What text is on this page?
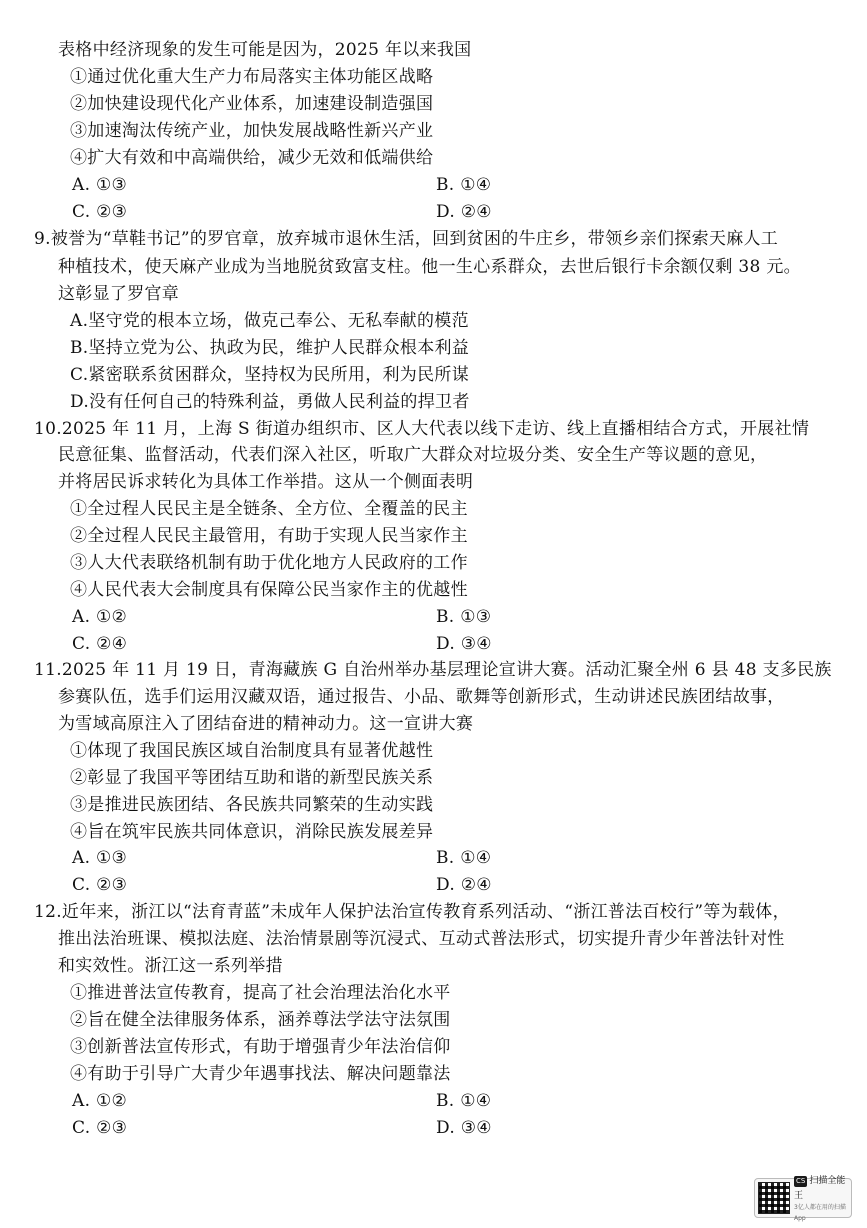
表格中经济现象的发生可能是因为，2025 年以来我国
①通过优化重大生产力布局落实主体功能区战略
②加快建设现代化产业体系，加速建设制造强国
③加速淘汰传统产业，加快发展战略性新兴产业
④扩大有效和中高端供给，减少无效和低端供给
A. ①③	B. ①④
C. ②③	D. ②④
9.被誉为“草鞋书记”的罗官章，放弃城市退休生活，回到贫困的牛庄乡，带领乡亲们探索天麻人工
种植技术，使天麻产业成为当地脱贫致富支柱。他一生心系群众，去世后银行卡余额仅剩 38 元。
这彰显了罗官章
A.坚守党的根本立场，做克己奉公、无私奉献的模范
B.坚持立党为公、执政为民，维护人民群众根本利益
C.紧密联系贫困群众，坚持权为民所用，利为民所谋
D.没有任何自己的特殊利益，勇做人民利益的捍卫者
10.2025 年 11 月，上海 S 街道办组织市、区人大代表以线下走访、线上直播相结合方式，开展社情
民意征集、监督活动，代表们深入社区，听取广大群众对垃圾分类、安全生产等议题的意见，
并将居民诉求转化为具体工作举措。这从一个侧面表明
①全过程人民民主是全链条、全方位、全覆盖的民主
②全过程人民民主最管用，有助于实现人民当家作主
③人大代表联络机制有助于优化地方人民政府的工作
④人民代表大会制度具有保障公民当家作主的优越性
A. ①②	B. ①③
C. ②④	D. ③④
11.2025 年 11 月 19 日，青海藏族 G 自治州举办基层理论宣讲大赛。活动汇聚全州 6 县 48 支多民族
参赛队伍，选手们运用汉藏双语，通过报告、小品、歌舞等创新形式，生动讲述民族团结故事，
为雪域高原注入了团结奋进的精神动力。这一宣讲大赛
①体现了我国民族区域自治制度具有显著优越性
②彰显了我国平等团结互助和谐的新型民族关系
③是推进民族团结、各民族共同繁荣的生动实践
④旨在筑牢民族共同体意识，消除民族发展差异
A. ①③	B. ①④
C. ②③	D. ②④
12.近年来，浙江以“法育青蓝”未成年人保护法治宣传教育系列活动、“浙江普法百校行”等为载体，
推出法治班课、模拟法庭、法治情景剧等沉浸式、互动式普法形式，切实提升青少年普法针对性
和实效性。浙江这一系列举措
①推进普法宣传教育，提高了社会治理法治化水平
②旨在健全法律服务体系，涵养尊法学法守法氛围
③创新普法宣传形式，有助于增强青少年法治信仰
④有助于引导广大青少年遇事找法、解决问题靠法
A. ①②	B. ①④
C. ②③	D. ③④
CS 扫描全能王
3亿人都在用的扫描App
